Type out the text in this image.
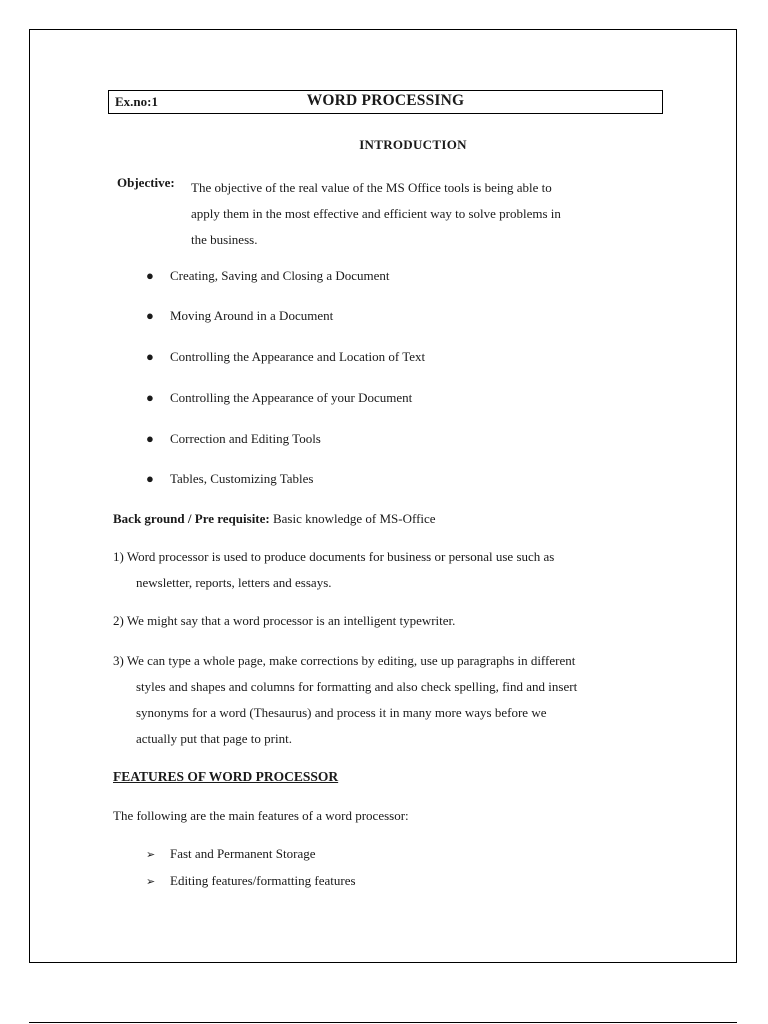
Ex.no:1	WORD PROCESSING
INTRODUCTION
Objective: The objective of the real value of the MS Office tools is being able to
apply them in the most effective and efficient way to solve problems in
the business.
● Creating, Saving and Closing a Document
● Moving Around in a Document
● Controlling the Appearance and Location of Text
● Controlling the Appearance of your Document
● Correction and Editing Tools
● Tables, Customizing Tables
Back ground / Pre requisite: Basic knowledge of MS-Office
1) Word processor is used to produce documents for business or personal use such as
newsletter, reports, letters and essays.
2) We might say that a word processor is an intelligent typewriter.
3) We can type a whole page, make corrections by editing, use up paragraphs in different
styles and shapes and columns for formatting and also check spelling, find and insert
synonyms for a word (Thesaurus) and process it in many more ways before we
actually put that page to print.
FEATURES OF WORD PROCESSOR
The following are the main features of a word processor:
➢ Fast and Permanent Storage
➢ Editing features/formatting features
